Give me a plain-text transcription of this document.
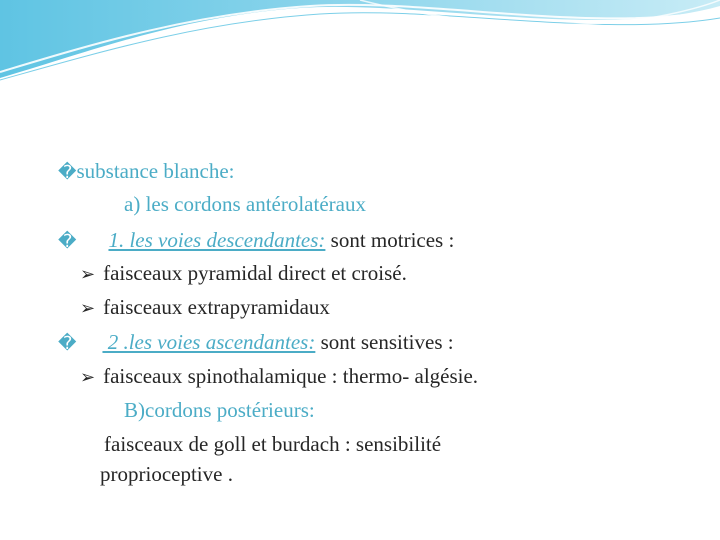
�substance blanche:
a) les cordons antérolatéraux
� 1. les voies descendantes: sont motrices :
➢ faisceaux pyramidal direct et croisé.
➢ faisceaux extrapyramidaux
� 2 .les voies ascendantes: sont sensitives :
➢ faisceaux spinothalamique : thermo- algésie.
B)cordons postérieurs:
faisceaux de goll et burdach : sensibilité
proprioceptive .
